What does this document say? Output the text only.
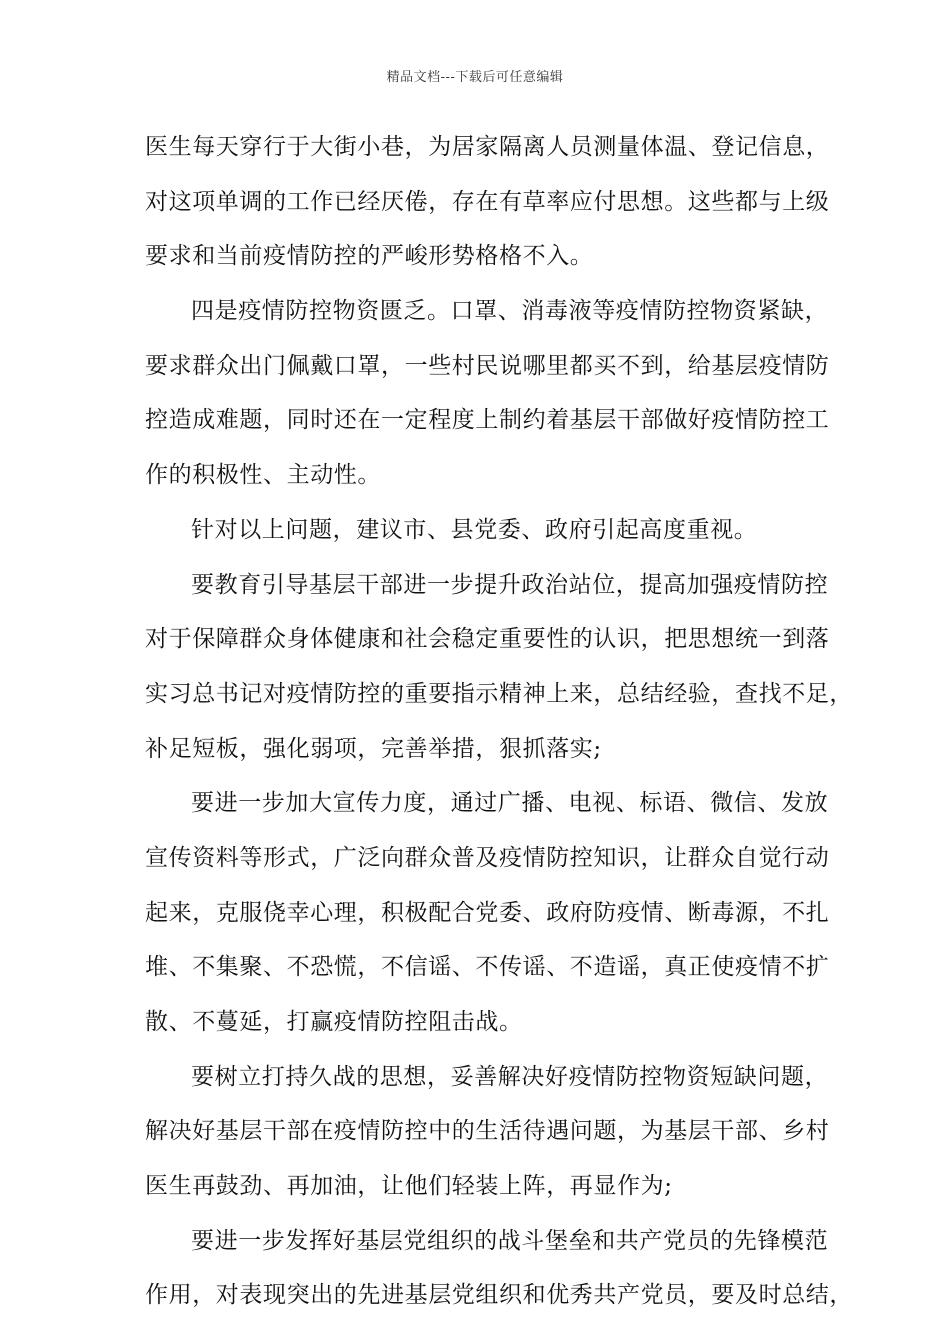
精品文档---下载后可任意编辑
医生每天穿行于大街小巷，为居家隔离人员测量体温、登记信息，
对这项单调的工作已经厌倦，存在有草率应付思想。这些都与上级
要求和当前疫情防控的严峻形势格格不入。
四是疫情防控物资匮乏。口罩、消毒液等疫情防控物资紧缺，
要求群众出门佩戴口罩，一些村民说哪里都买不到，给基层疫情防
控造成难题，同时还在一定程度上制约着基层干部做好疫情防控工
作的积极性、主动性。
针对以上问题，建议市、县党委、政府引起高度重视。
要教育引导基层干部进一步提升政治站位，提高加强疫情防控
对于保障群众身体健康和社会稳定重要性的认识，把思想统一到落
实习总书记对疫情防控的重要指示精神上来，总结经验，查找不足，
补足短板，强化弱项，完善举措，狠抓落实;
要进一步加大宣传力度，通过广播、电视、标语、微信、发放
宣传资料等形式，广泛向群众普及疫情防控知识，让群众自觉行动
起来，克服侥幸心理，积极配合党委、政府防疫情、断毒源，不扎
堆、不集聚、不恐慌，不信谣、不传谣、不造谣，真正使疫情不扩
散、不蔓延，打赢疫情防控阻击战。
要树立打持久战的思想，妥善解决好疫情防控物资短缺问题，
解决好基层干部在疫情防控中的生活待遇问题，为基层干部、乡村
医生再鼓劲、再加油，让他们轻装上阵，再显作为;
要进一步发挥好基层党组织的战斗堡垒和共产党员的先锋模范
作用，对表现突出的先进基层党组织和优秀共产党员，要及时总结，
